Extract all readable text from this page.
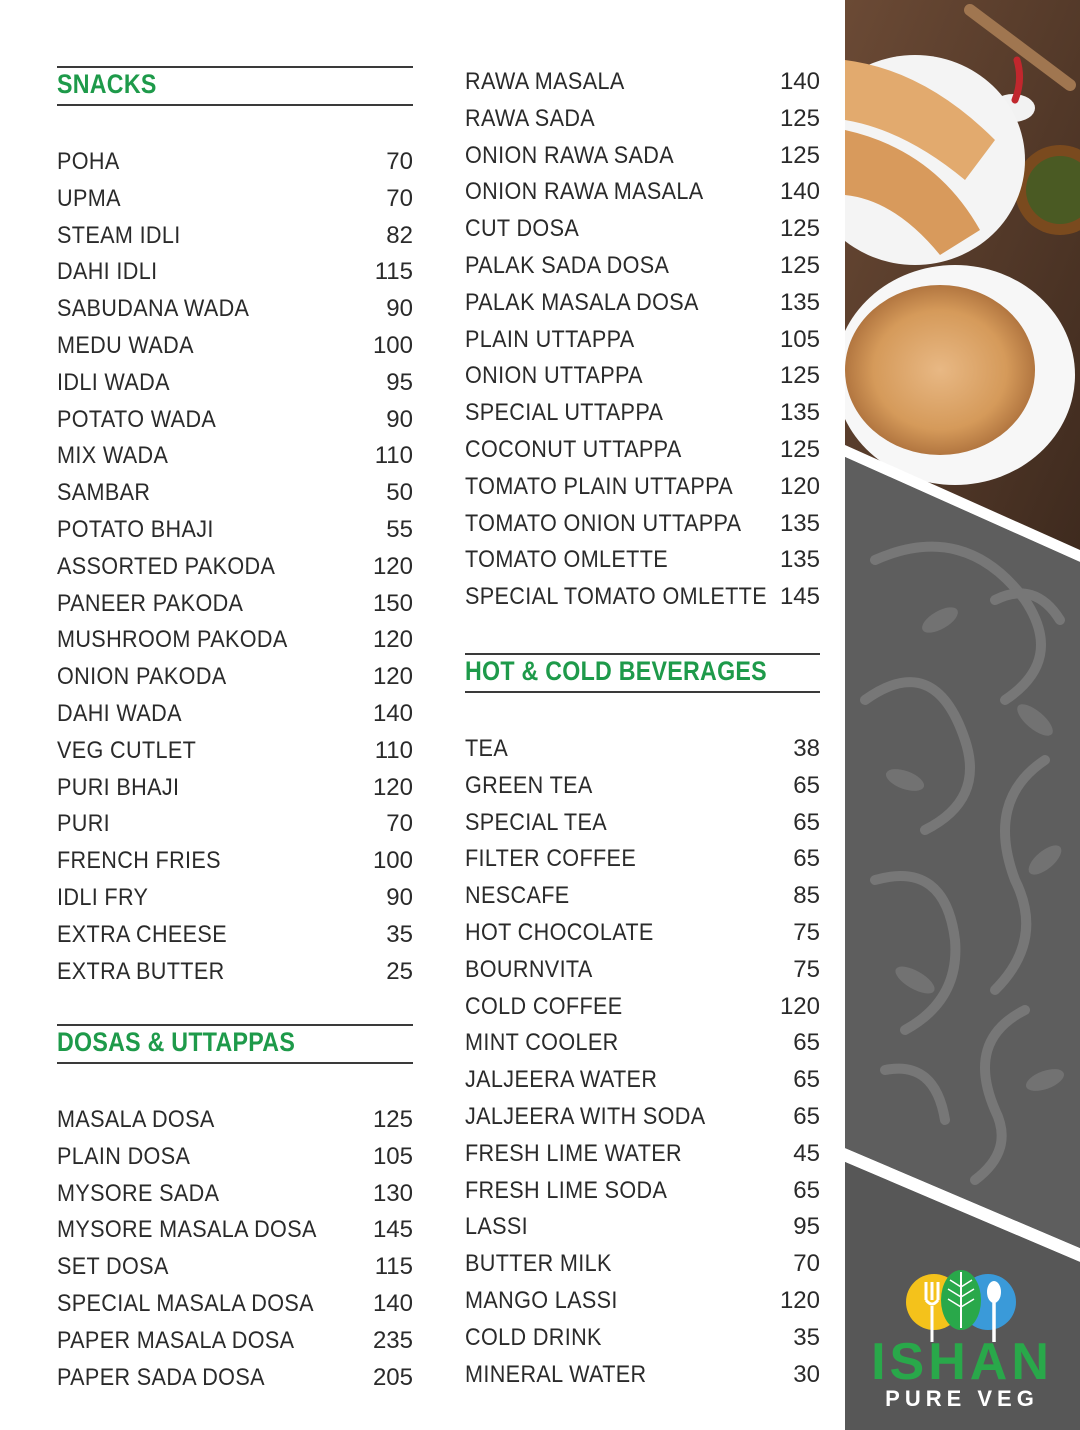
SNACKS
POHA	70
UPMA	70
STEAM IDLI	82
DAHI IDLI	115
SABUDANA WADA	90
MEDU WADA	100
IDLI WADA	95
POTATO WADA	90
MIX WADA	110
SAMBAR	50
POTATO BHAJI	55
ASSORTED PAKODA	120
PANEER PAKODA	150
MUSHROOM PAKODA	120
ONION PAKODA	120
DAHI WADA	140
VEG CUTLET	110
PURI BHAJI	120
PURI	70
FRENCH FRIES	100
IDLI FRY	90
EXTRA CHEESE	35
EXTRA BUTTER	25
DOSAS & UTTAPPAS
MASALA DOSA	125
PLAIN DOSA	105
MYSORE SADA	130
MYSORE MASALA DOSA 145
SET DOSA	115
SPECIAL MASALA DOSA 140
PAPER MASALA DOSA	235
PAPER SADA DOSA	205
RAWA MASALA	140
RAWA SADA	125
ONION RAWA SADA	125
ONION RAWA MASALA	140
CUT DOSA	125
PALAK SADA DOSA	125
PALAK MASALA DOSA	135
PLAIN UTTAPPA	105
ONION UTTAPPA	125
SPECIAL UTTAPPA	135
COCONUT UTTAPPA	125
TOMATO PLAIN UTTAPPA 120
TOMATO ONION UTTAPPA 135
TOMATO OMLETTE	135
SPECIAL TOMATO OMLETTE 145
HOT & COLD BEVERAGES
TEA	38
GREEN TEA	65
SPECIAL TEA	65
FILTER COFFEE	65
NESCAFE	85
HOT CHOCOLATE	75
BOURNVITA	75
COLD COFFEE	120
MINT COOLER	65
JALJEERA WATER	65
JALJEERA WITH SODA	65
FRESH LIME WATER	45
FRESH LIME SODA	65
LASSI	95
BUTTER MILK	70
MANGO LASSI	120
COLD DRINK	35
MINERAL WATER	30 ISHAN
PURE VEG
